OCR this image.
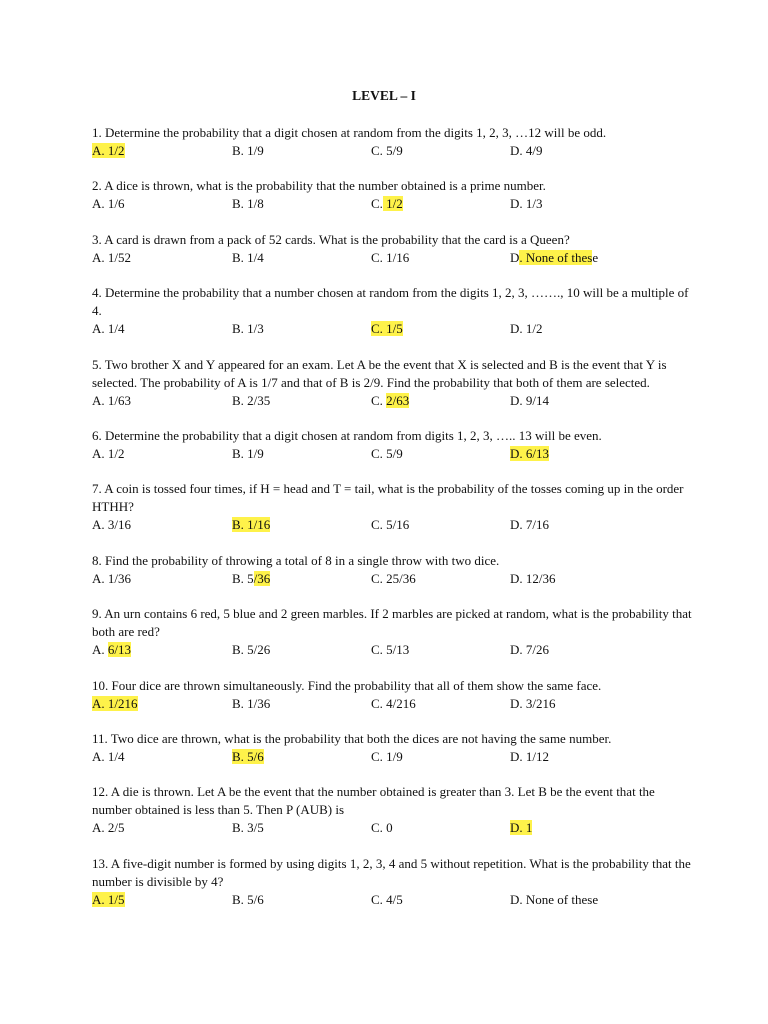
LEVEL – I

1. Determine the probability that a digit chosen at random from the digits 1, 2, 3, …12 will be odd.

A. 1/2	B. 1/9	C. 5/9	D. 4/9

2. A dice is thrown, what is the probability that the number obtained is a prime number.

A. 1/6	B. 1/8	C. 1/2	D. 1/3

3. A card is drawn from a pack of 52 cards. What is the probability that the card is a Queen?

A. 1/52	B. 1/4	C. 1/16	D. None of these

4. Determine the probability that a number chosen at random from the digits 1, 2, 3, ……., 10 will be a multiple of 4.

A. 1/4	B. 1/3	C. 1/5	D. 1/2

5. Two brother X and Y appeared for an exam. Let A be the event that X is selected and B is the event that Y is selected. The probability of A is 1/7 and that of B is 2/9. Find the probability that both of them are selected.

A. 1/63	B. 2/35	C. 2/63	D. 9/14

6. Determine the probability that a digit chosen at random from digits 1, 2, 3, ….. 13 will be even.

A. 1/2	B. 1/9	C. 5/9	D. 6/13

7. A coin is tossed four times, if H = head and T = tail, what is the probability of the tosses coming up in the order HTHH?

A. 3/16	B. 1/16	C. 5/16	D. 7/16

8. Find the probability of throwing a total of 8 in a single throw with two dice.

A. 1/36	B. 5/36	C. 25/36	D. 12/36

9. An urn contains 6 red, 5 blue and 2 green marbles. If 2 marbles are picked at random, what is the probability that both are red?

A. 6/13	B. 5/26	C. 5/13	D. 7/26

10. Four dice are thrown simultaneously. Find the probability that all of them show the same face.

A. 1/216	B. 1/36	C. 4/216	D. 3/216

11. Two dice are thrown, what is the probability that both the dices are not having the same number.

A. 1/4	B. 5/6	C. 1/9	D. 1/12

12. A die is thrown. Let A be the event that the number obtained is greater than 3. Let B be the event that the number obtained is less than 5. Then P (AUB) is

A. 2/5	B. 3/5	C. 0	D. 1

13. A five-digit number is formed by using digits 1, 2, 3, 4 and 5 without repetition. What is the probability that the number is divisible by 4?

A. 1/5	B. 5/6	C. 4/5	D. None of these
